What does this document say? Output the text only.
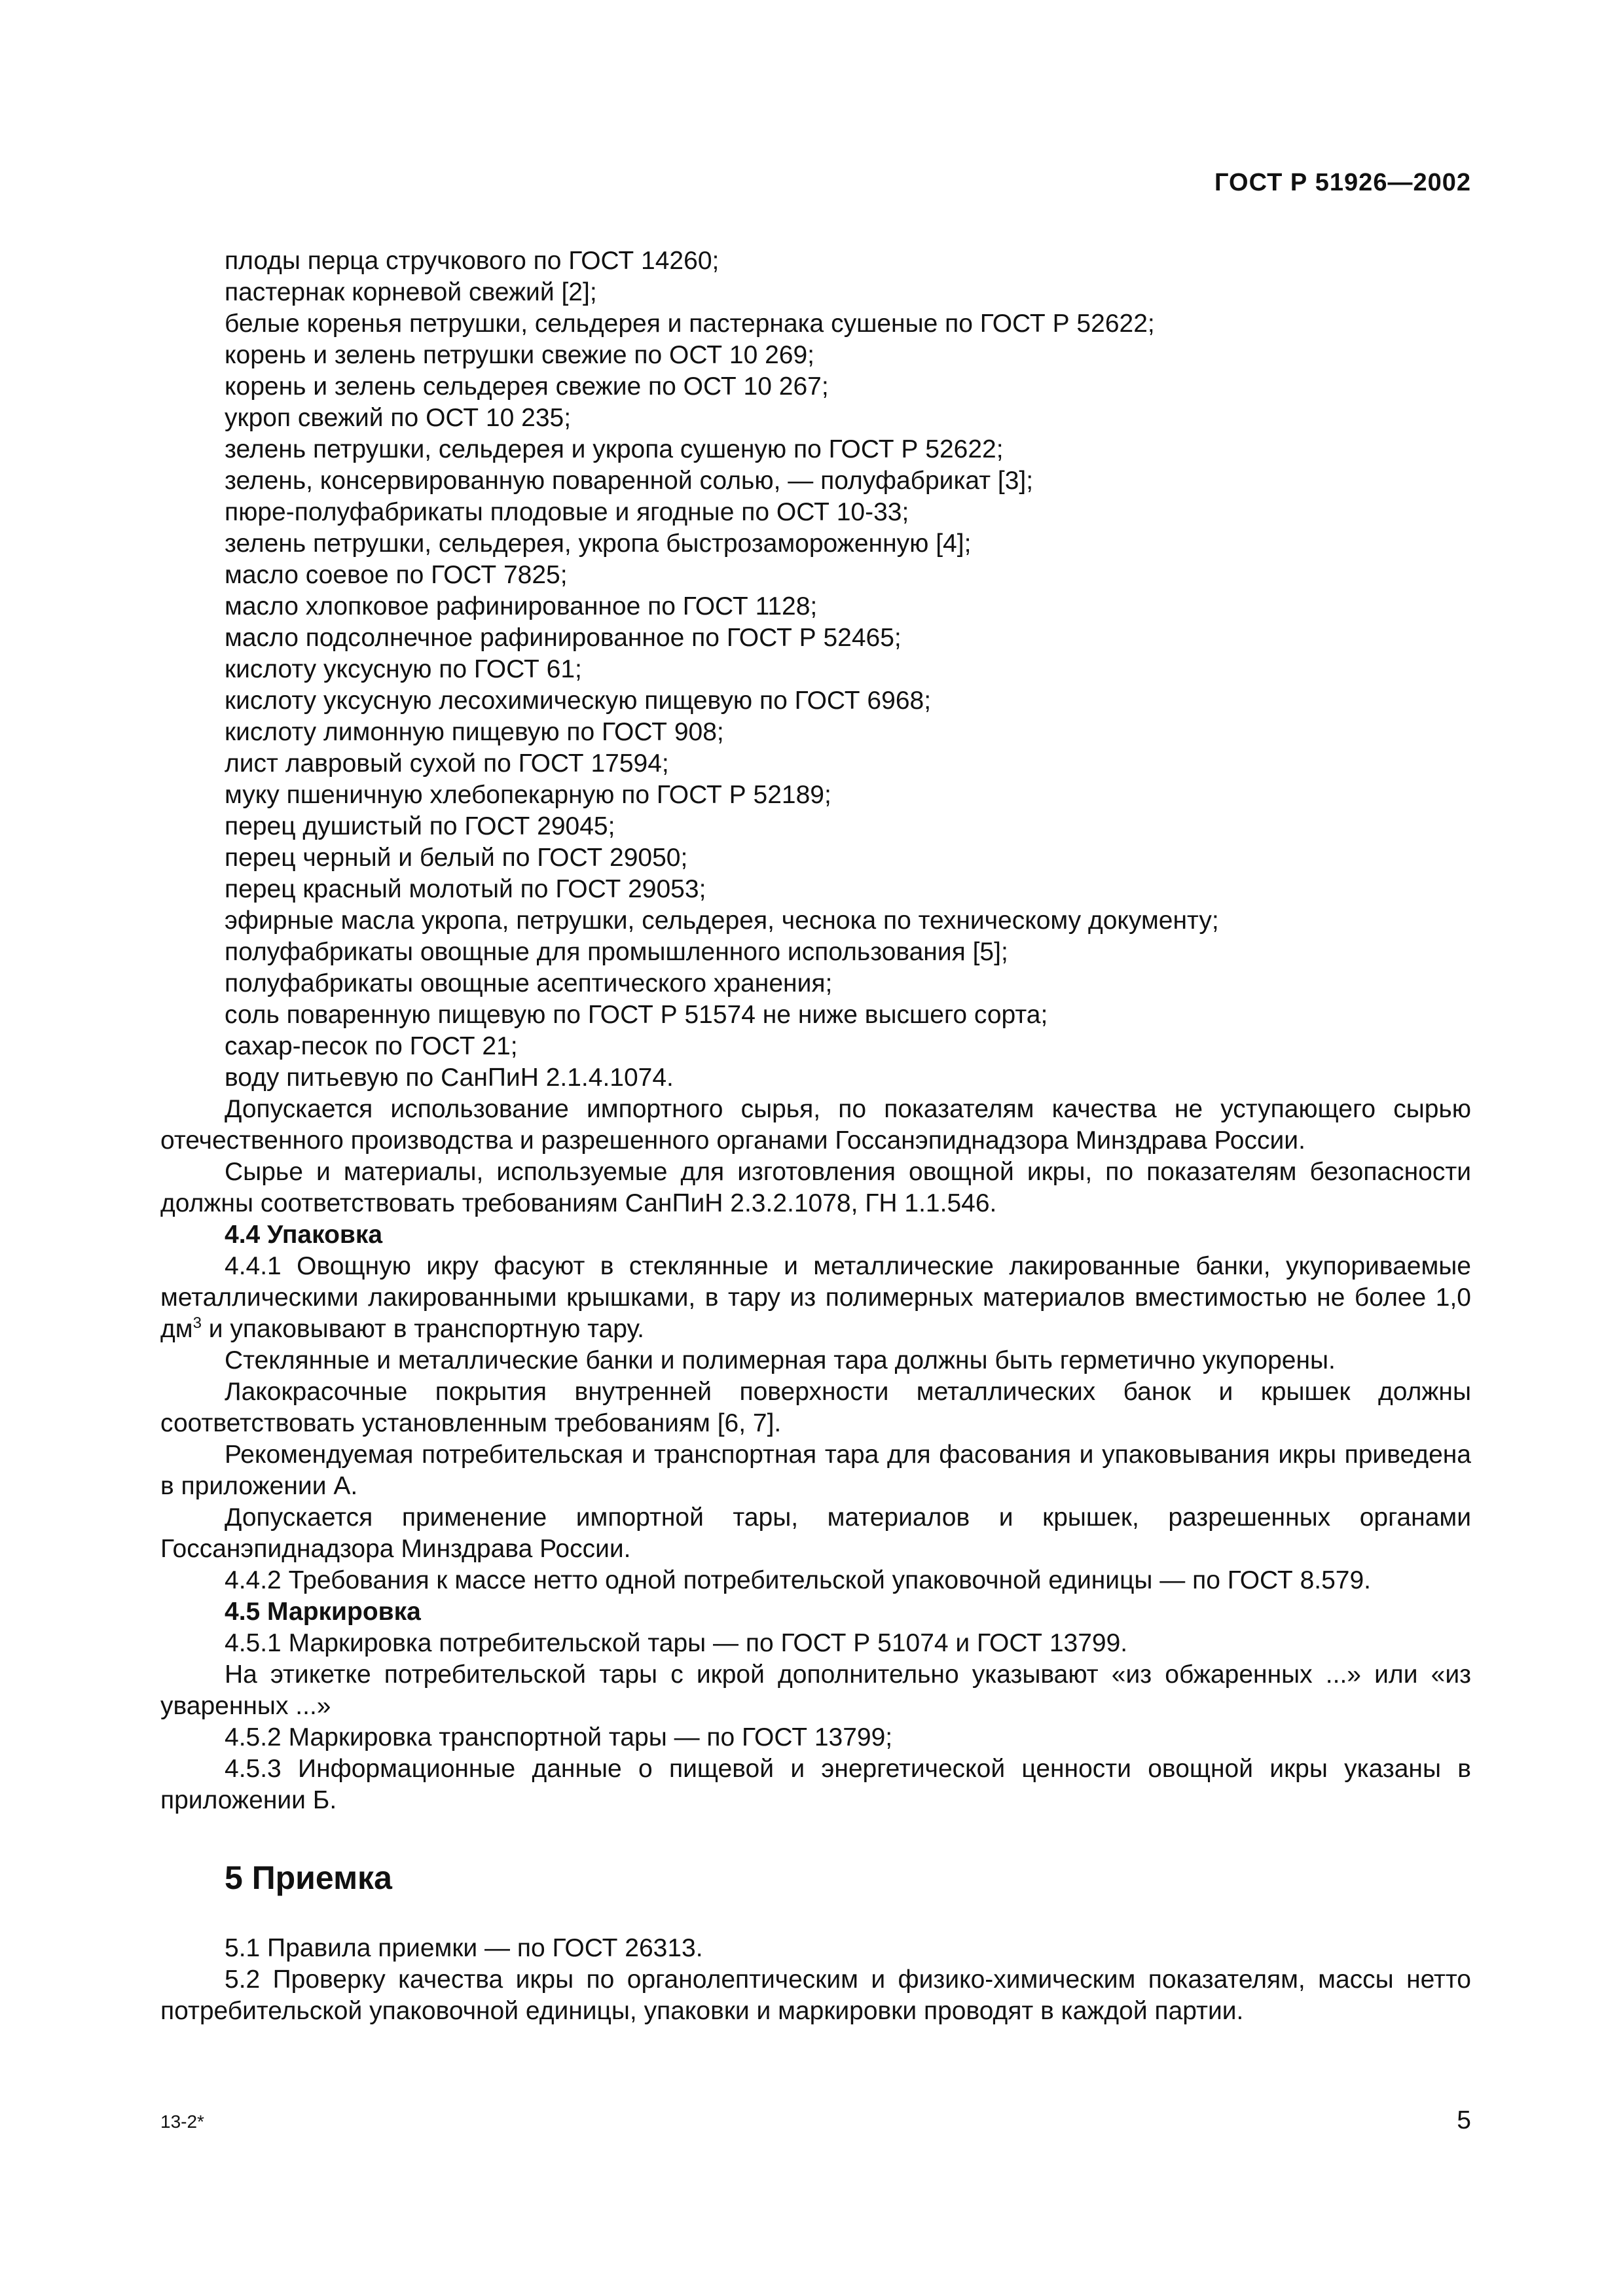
ГОСТ Р 51926—2002

плоды перца стручкового по ГОСТ 14260;

пастернак корневой свежий [2];

белые коренья петрушки, сельдерея и пастернака сушеные по ГОСТ Р 52622;

корень и зелень петрушки свежие по ОСТ 10 269;

корень и зелень сельдерея свежие по ОСТ 10 267;

укроп свежий по ОСТ 10 235;

зелень петрушки, сельдерея и укропа сушеную по ГОСТ Р 52622;

зелень, консервированную поваренной солью, — полуфабрикат [3];

пюре-полуфабрикаты плодовые и ягодные по ОСТ 10-33;

зелень петрушки, сельдерея, укропа быстрозамороженную [4];

масло соевое по ГОСТ 7825;

масло хлопковое рафинированное по ГОСТ 1128;

масло подсолнечное рафинированное по ГОСТ Р 52465;

кислоту уксусную по ГОСТ 61;

кислоту уксусную лесохимическую пищевую по ГОСТ 6968;

кислоту лимонную пищевую по ГОСТ 908;

лист лавровый сухой по ГОСТ 17594;

муку пшеничную хлебопекарную по ГОСТ Р 52189;

перец душистый по ГОСТ 29045;

перец черный и белый по ГОСТ 29050;

перец красный молотый по ГОСТ 29053;

эфирные масла укропа, петрушки, сельдерея, чеснока по техническому документу;

полуфабрикаты овощные для промышленного использования [5];

полуфабрикаты овощные асептического хранения;

соль поваренную пищевую по ГОСТ Р 51574 не ниже высшего сорта;

сахар-песок по ГОСТ 21;

воду питьевую по СанПиН 2.1.4.1074.

Допускается использование импортного сырья, по показателям качества не уступающего сырью отечественного производства и разрешенного органами Госсанэпиднадзора Минздрава России.

Сырье и материалы, используемые для изготовления овощной икры, по показателям безопасности должны соответствовать требованиям СанПиН 2.3.2.1078, ГН 1.1.546.

4.4 Упаковка

4.4.1 Овощную икру фасуют в стеклянные и металлические лакированные банки, укупориваемые металлическими лакированными крышками, в тару из полимерных материалов вместимостью не более 1,0 $дм^3$ и упаковывают в транспортную тару.

Стеклянные и металлические банки и полимерная тара должны быть герметично укупорены.

Лакокрасочные покрытия внутренней поверхности металлических банок и крышек должны соответствовать установленным требованиям [6, 7].

Рекомендуемая потребительская и транспортная тара для фасования и упаковывания икры приведена в приложении А.

Допускается применение импортной тары, материалов и крышек, разрешенных органами Госсанэпиднадзора Минздрава России.

4.4.2 Требования к массе нетто одной потребительской упаковочной единицы — по ГОСТ 8.579.

4.5 Маркировка

4.5.1 Маркировка потребительской тары — по ГОСТ Р 51074 и ГОСТ 13799.

На этикетке потребительской тары с икрой дополнительно указывают «из обжаренных ...» или «из уваренных ...»

4.5.2 Маркировка транспортной тары — по ГОСТ 13799;

4.5.3 Информационные данные о пищевой и энергетической ценности овощной икры указаны в приложении Б.

5 Приемка

5.1 Правила приемки — по ГОСТ 26313.

5.2 Проверку качества икры по органолептическим и физико-химическим показателям, массы нетто потребительской упаковочной единицы, упаковки и маркировки проводят в каждой партии.

13-2*	5
